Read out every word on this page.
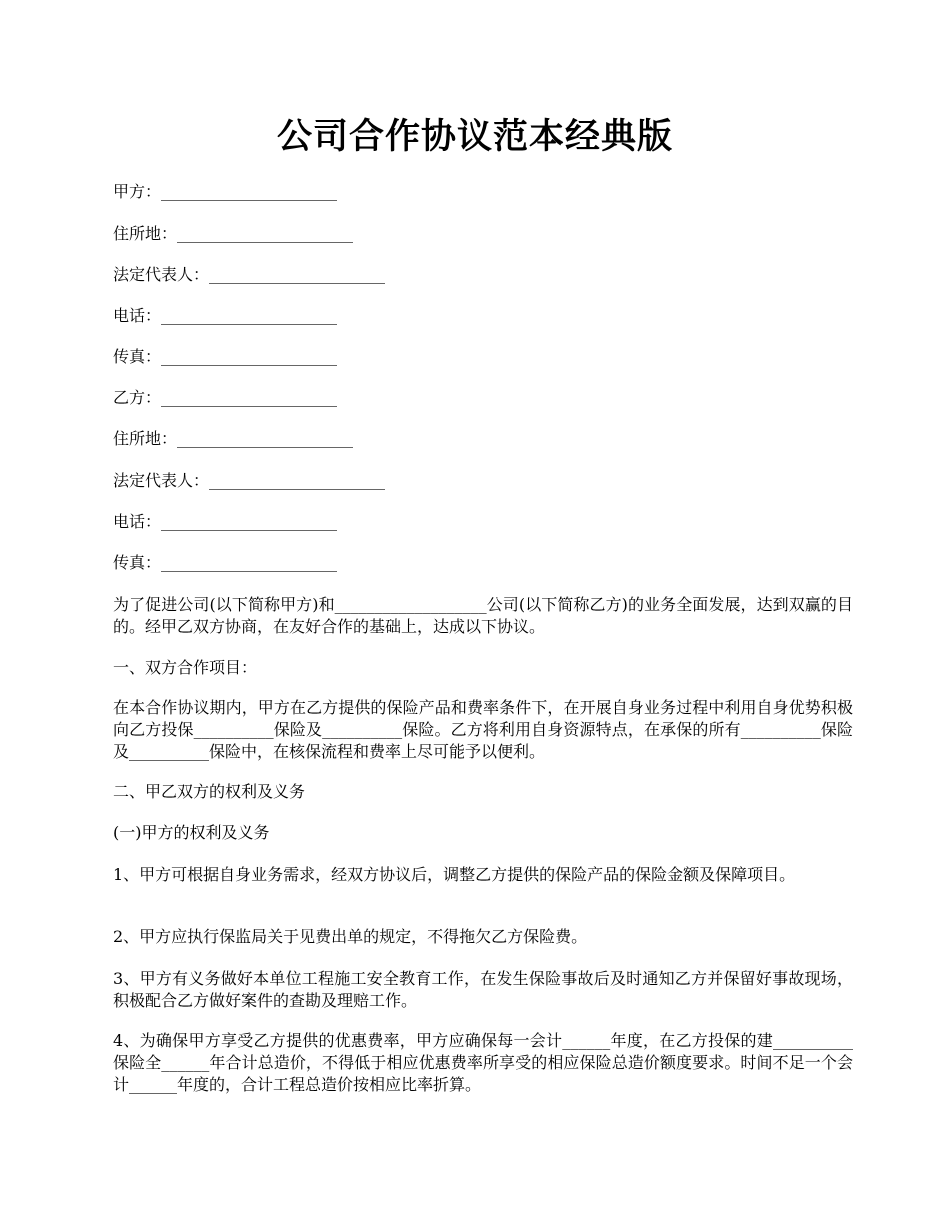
公司合作协议范本经典版
甲方：______________________
住所地：______________________
法定代表人：______________________
电话：______________________
传真：______________________
乙方：______________________
住所地：______________________
法定代表人：______________________
电话：______________________
传真：______________________
为了促进公司(以下简称甲方)和___________________公司(以下简称乙方)的业务全面发展，达到双赢的目的。经甲乙双方协商，在友好合作的基础上，达成以下协议。
一、双方合作项目：
在本合作协议期内，甲方在乙方提供的保险产品和费率条件下，在开展自身业务过程中利用自身优势积极向乙方投保__________保险及__________保险。乙方将利用自身资源特点，在承保的所有__________保险及__________保险中，在核保流程和费率上尽可能予以便利。
二、甲乙双方的权利及义务
(一)甲方的权利及义务
1、甲方可根据自身业务需求，经双方协议后，调整乙方提供的保险产品的保险金额及保障项目。
2、甲方应执行保监局关于见费出单的规定，不得拖欠乙方保险费。
3、甲方有义务做好本单位工程施工安全教育工作，在发生保险事故后及时通知乙方并保留好事故现场，积极配合乙方做好案件的查勘及理赔工作。
4、为确保甲方享受乙方提供的优惠费率，甲方应确保每一会计______年度，在乙方投保的建__________保险全______年合计总造价，不得低于相应优惠费率所享受的相应保险总造价额度要求。时间不足一个会计______年度的，合计工程总造价按相应比率折算。
